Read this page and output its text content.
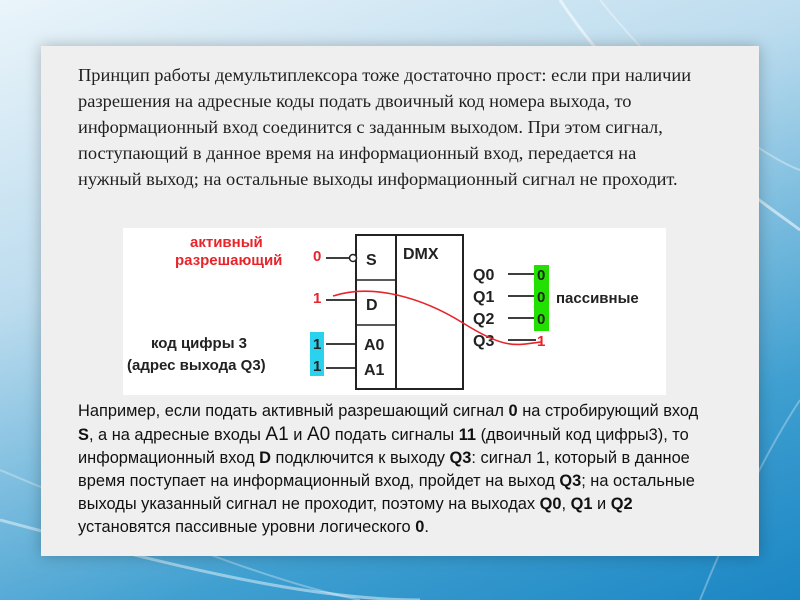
Принцип работы демультиплексора тоже достаточно прост: если при наличии разрешения на адресные коды подать двоичный код номера выхода, то информационный вход соединится с заданным выходом. При этом сигнал, поступающий в данное время на информационный вход, передается на нужный выход; на остальные выходы информационный сигнал не проходит.

DMX
S
D
A0
A1
Q0
Q1
Q2
Q3
активный
разрешающий 0
1
код цифры 3
(адрес выхода Q3)
1
1
0
0
0
1
пассивные

Например, если подать активный разрешающий сигнал 0 на стробирующий вход S, а на адресные входы А1 и А0 подать сигналы 11 (двоичный код цифры3), то информационный вход D подключится к выходу Q3: сигнал 1, который в данное время поступает на информационный вход, пройдет на выход Q3; на остальные выходы указанный сигнал не проходит, поэтому на выходах Q0, Q1 и Q2 установятся пассивные уровни логического 0.
